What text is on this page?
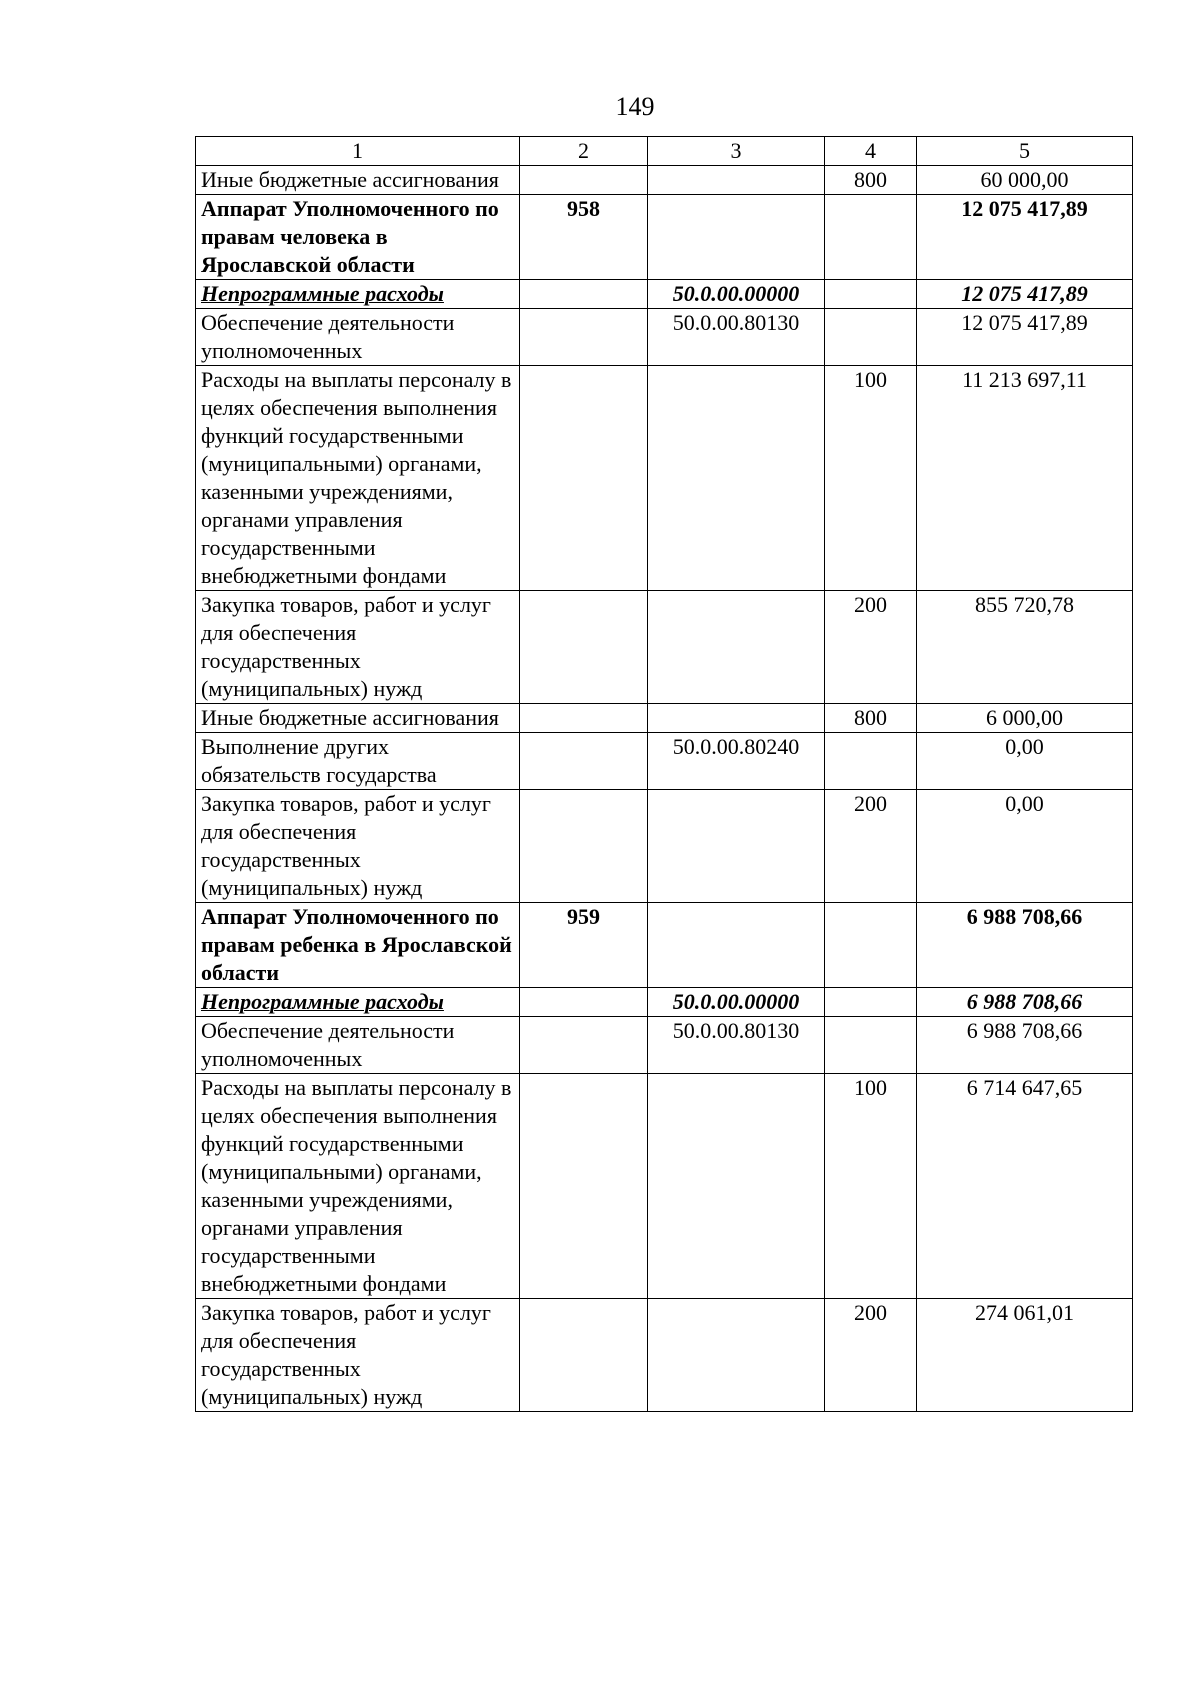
149
1	2	3	4	5
Иные бюджетные ассигнования			800	60 000,00
Аппарат Уполномоченного по правам человека в Ярославской области	958			12 075 417,89
Непрограммные расходы		50.0.00.00000		12 075 417,89
Обеспечение деятельности уполномоченных		50.0.00.80130		12 075 417,89
Расходы на выплаты персоналу в целях обеспечения выполнения функций государственными (муниципальными) органами, казенными учреждениями, органами управления государственными внебюджетными фондами			100	11 213 697,11
Закупка товаров, работ и услуг для обеспечения государственных (муниципальных) нужд			200	855 720,78
Иные бюджетные ассигнования			800	6 000,00
Выполнение других обязательств государства		50.0.00.80240		0,00
Закупка товаров, работ и услуг для обеспечения государственных (муниципальных) нужд			200	0,00
Аппарат Уполномоченного по правам ребенка в Ярославской области	959			6 988 708,66
Непрограммные расходы		50.0.00.00000		6 988 708,66
Обеспечение деятельности уполномоченных		50.0.00.80130		6 988 708,66
Расходы на выплаты персоналу в целях обеспечения выполнения функций государственными (муниципальными) органами, казенными учреждениями, органами управления государственными внебюджетными фондами			100	6 714 647,65
Закупка товаров, работ и услуг для обеспечения государственных (муниципальных) нужд			200	274 061,01
